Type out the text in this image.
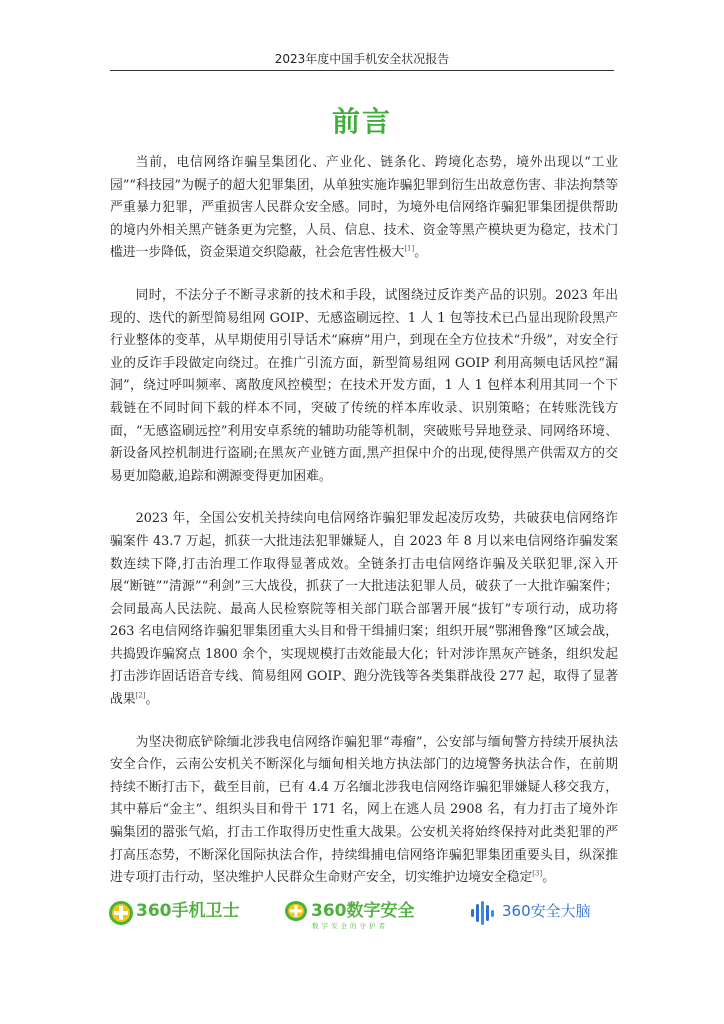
2023年度中国手机安全状况报告
前言

当前，电信网络诈骗呈集团化、产业化、链条化、跨境化态势，境外出现以“工业园”“科技园”为幌子的超大犯罪集团，从单独实施诈骗犯罪到衍生出故意伤害、非法拘禁等严重暴力犯罪，严重损害人民群众安全感。同时，为境外电信网络诈骗犯罪集团提供帮助的境内外相关黑产链条更为完整，人员、信息、技术、资金等黑产模块更为稳定，技术门槛进一步降低，资金渠道交织隐蔽，社会危害性极大[1]。

同时，不法分子不断寻求新的技术和手段，试图绕过反诈类产品的识别。2023 年出现的、迭代的新型简易组网 GOIP、无感盗刷远控、1 人 1 包等技术已凸显出现阶段黑产行业整体的变革，从早期使用引导话术“麻痹”用户，到现在全方位技术“升级”，对安全行业的反诈手段做定向绕过。在推广引流方面，新型简易组网 GOIP 利用高频电话风控“漏洞”，绕过呼叫频率、离散度风控模型；在技术开发方面，1 人 1 包样本利用其同一个下载链在不同时间下载的样本不同，突破了传统的样本库收录、识别策略；在转账洗钱方面，“无感盗刷远控”利用安卓系统的辅助功能等机制，突破账号异地登录、同网络环境、新设备风控机制进行盗刷;在黑灰产业链方面,黑产担保中介的出现,使得黑产供需双方的交易更加隐蔽,追踪和溯源变得更加困难。

2023 年，全国公安机关持续向电信网络诈骗犯罪发起凌厉攻势，共破获电信网络诈骗案件 43.7 万起，抓获一大批违法犯罪嫌疑人，自 2023 年 8 月以来电信网络诈骗发案数连续下降,打击治理工作取得显著成效。全链条打击电信网络诈骗及关联犯罪,深入开展“断链”“清源”“利剑”三大战役，抓获了一大批违法犯罪人员，破获了一大批诈骗案件；会同最高人民法院、最高人民检察院等相关部门联合部署开展“拔钉”专项行动，成功将 263 名电信网络诈骗犯罪集团重大头目和骨干缉捕归案；组织开展“鄂湘鲁豫”区域会战，共捣毁诈骗窝点 1800 余个，实现规模打击效能最大化；针对涉诈黑灰产链条，组织发起打击涉诈固话语音专线、简易组网 GOIP、跑分洗钱等各类集群战役 277 起，取得了显著战果[2]。

为坚决彻底铲除缅北涉我电信网络诈骗犯罪“毒瘤”，公安部与缅甸警方持续开展执法安全合作，云南公安机关不断深化与缅甸相关地方执法部门的边境警务执法合作，在前期持续不断打击下，截至目前，已有 4.4 万名缅北涉我电信网络诈骗犯罪嫌疑人移交我方，其中幕后“金主”、组织头目和骨干 171 名，网上在逃人员 2908 名，有力打击了境外诈骗集团的嚣张气焰，打击工作取得历史性重大战果。公安机关将始终保持对此类犯罪的严打高压态势，不断深化国际执法合作，持续缉捕电信网络诈骗犯罪集团重要头目，纵深推进专项打击行动，坚决维护人民群众生命财产安全，切实维护边境安全稳定[3]。

360手机卫士	360数字安全
数字安全的守护者
360安全大脑
